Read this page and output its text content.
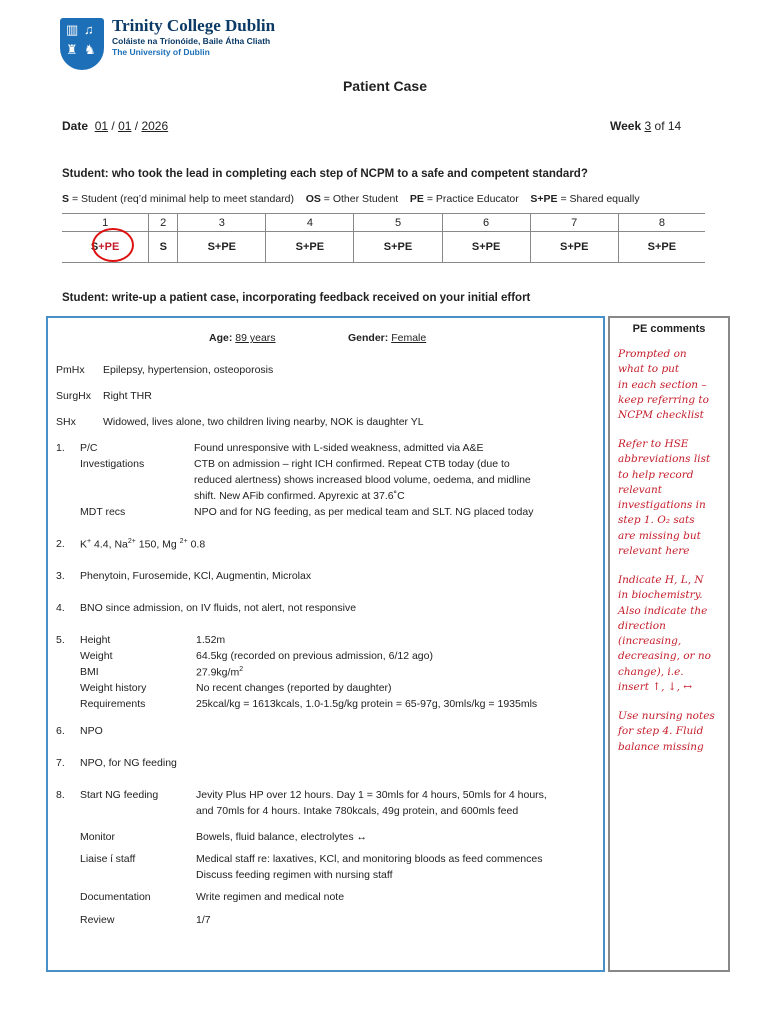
▥ ♫
♜ ♞
Trinity College Dublin
Coláiste na Tríonóide, Baile Átha Cliath
The University of Dublin
Patient Case
Date 01 / 01 / 2026	Week 3 of 14
Student: who took the lead in completing each step of NCPM to a safe and competent standard?
S = Student (req’d minimal help to meet standard) OS = Other Student PE = Practice Educator S+PE = Shared equally
1	2	3	4	5	6	7	8
S+PE	S	S+PE	S+PE	S+PE	S+PE	S+PE	S+PE
Student: write-up a patient case, incorporating feedback received on your initial effort
Age: 89 years	Gender: Female
PmHx Epilepsy, hypertension, osteoporosis
SurgHx Right THR
SHx	Widowed, lives alone, two children living nearby, NOK is daughter YL
1. P/C	Found unresponsive with L-sided weakness, admitted via A&E
Investigations	CTB on admission – right ICH confirmed. Repeat CTB today (due to
reduced alertness) shows increased blood volume, oedema, and midline
shift. New AFib confirmed. Apyrexic at 37.6˚C
MDT recs	NPO and for NG feeding, as per medical team and SLT. NG placed today
2. K+ 4.4, $Na^{2+}$ 150, Mg $^{2+}$ 0.8
3. Phenytoin, Furosemide, KCl, Augmentin, Microlax
4. BNO since admission, on IV fluids, not alert, not responsive
5. Height	1.52m
Weight	64.5kg (recorded on previous admission, 6/12 ago)
BMI	$27.9kg/m^2$
Weight history	No recent changes (reported by daughter)
Requirements	25kcal/kg = 1613kcals, 1.0-1.5g/kg protein = 65-97g, 30mls/kg = 1935mls
6. NPO
7. NPO, for NG feeding
8. Start NG feeding	Jevity Plus HP over 12 hours. Day 1 = 30mls for 4 hours, 50mls for 4 hours,
and 70mls for 4 hours. Intake 780kcals, 49g protein, and 600mls feed
Monitor	Bowels, fluid balance, electrolytes ↔
Liaise ί staff	Medical staff re: laxatives, KCl, and monitoring bloods as feed commences
Discuss feeding regimen with nursing staff
Documentation	Write regimen and medical note
Review	1/7
PE comments
Prompted on
what to put
in each section –
keep referring to
NCPM checklist
Refer to HSE
abbreviations list
to help record
relevant
investigations in
step 1. O₂ sats
are missing but
relevant here
Indicate H, L, N
in biochemistry.
Also indicate the
direction
(increasing,
decreasing, or no
change), i.e.
insert ↑, ↓, ↔
Use nursing notes
for step 4. Fluid
balance missing
